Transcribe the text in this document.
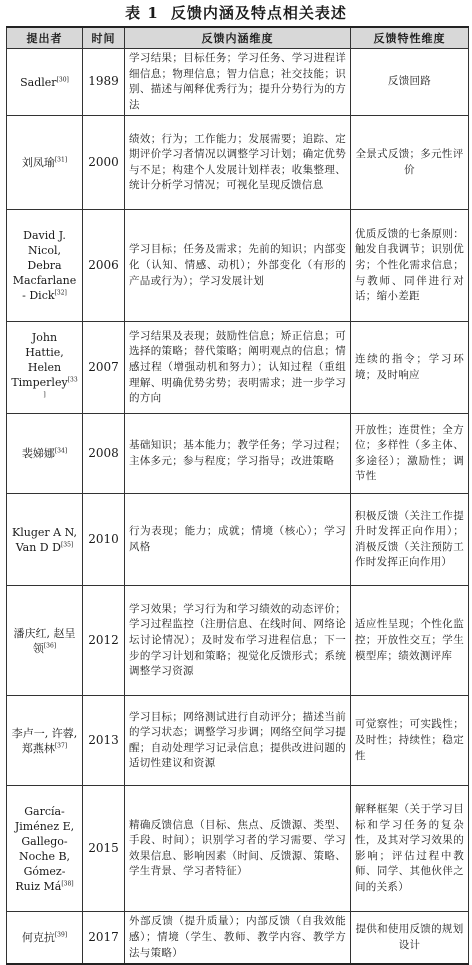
表 1 反馈内涵及特点相关表述
提出者	时间	反馈内涵维度	反馈特性维度
Sadler[30]	1989	学习结果；目标任务；学习任务、学习进程详细信息；物理信息；智力信息；社交技能；识别、描述与阐释优秀行为；提升分势行为的方法	反馈回路
刘凤瑜[31]	2000	绩效；行为；工作能力；发展需要；追踪、定期评价学习者情况以调整学习计划；确定优势与不足；构建个人发展计划样表；收集整理、统计分析学习情况；可视化呈现反馈信息	全景式反馈；多元性评价
David J. Nicol, Debra Macfarlane - Dick[32]	2006	学习目标；任务及需求；先前的知识；内部变化（认知、情感、动机）；外部变化（有形的产品或行为）；学习发展计划	优质反馈的七条原则：触发自我调节；识别优劣；个性化需求信息；与教师、同伴进行对话；缩小差距
John Hattie, Helen Timperley[33]	2007	学习结果及表现；鼓励性信息；矫正信息；可选择的策略；替代策略；阐明观点的信息；情感过程（增强动机和努力）；认知过程（重组理解、明确优势劣势；表明需求；进一步学习的方向	连续的指令；学习环境；及时响应
裴娣娜[34]	2008	基础知识；基本能力；教学任务；学习过程；主体多元；参与程度；学习指导；改进策略	开放性；连贯性；全方位；多样性（多主体、多途径）；激励性；调节性
Kluger A N, Van D D[35]	2010	行为表现；能力；成就；情境（核心）；学习风格	积极反馈（关注工作提升时发挥正向作用）；消极反馈（关注预防工作时发挥正向作用）
潘庆红, 赵呈领[36]	2012	学习效果；学习行为和学习绩效的动态评价；学习过程监控（注册信息、在线时间、网络论坛讨论情况）；及时发布学习进程信息；下一步的学习计划和策略；视觉化反馈形式；系统调整学习资源	适应性呈现；个性化监控；开放性交互；学生模型库；绩效测评库
李卢一, 许蓉, 郑燕林[37]	2013	学习目标；网络测试进行自动评分；描述当前的学习状态；调整学习步调；网络空间学习提醒；自动处理学习记录信息；提供改进问题的适切性建议和资源	可觉察性；可实践性；及时性；持续性；稳定性
García- Jiménez E, Gallego- Noche B, Gómez- Ruiz Má[38]	2015	精确反馈信息（目标、焦点、反馈源、类型、手段、时间）；识别学习者的学习需要、学习效果信息、影响因素（时间、反馈源、策略、学生背景、学习者特征）	解释框架（关于学习目标和学习任务的复杂性，及其对学习效果的影响；评估过程中教师、同学、其他伙伴之间的关系）
何克抗[39]	2017	外部反馈（提升质量）；内部反馈（自我效能感）；情境（学生、教师、教学内容、教学方法与策略）	提供和使用反馈的规划设计
